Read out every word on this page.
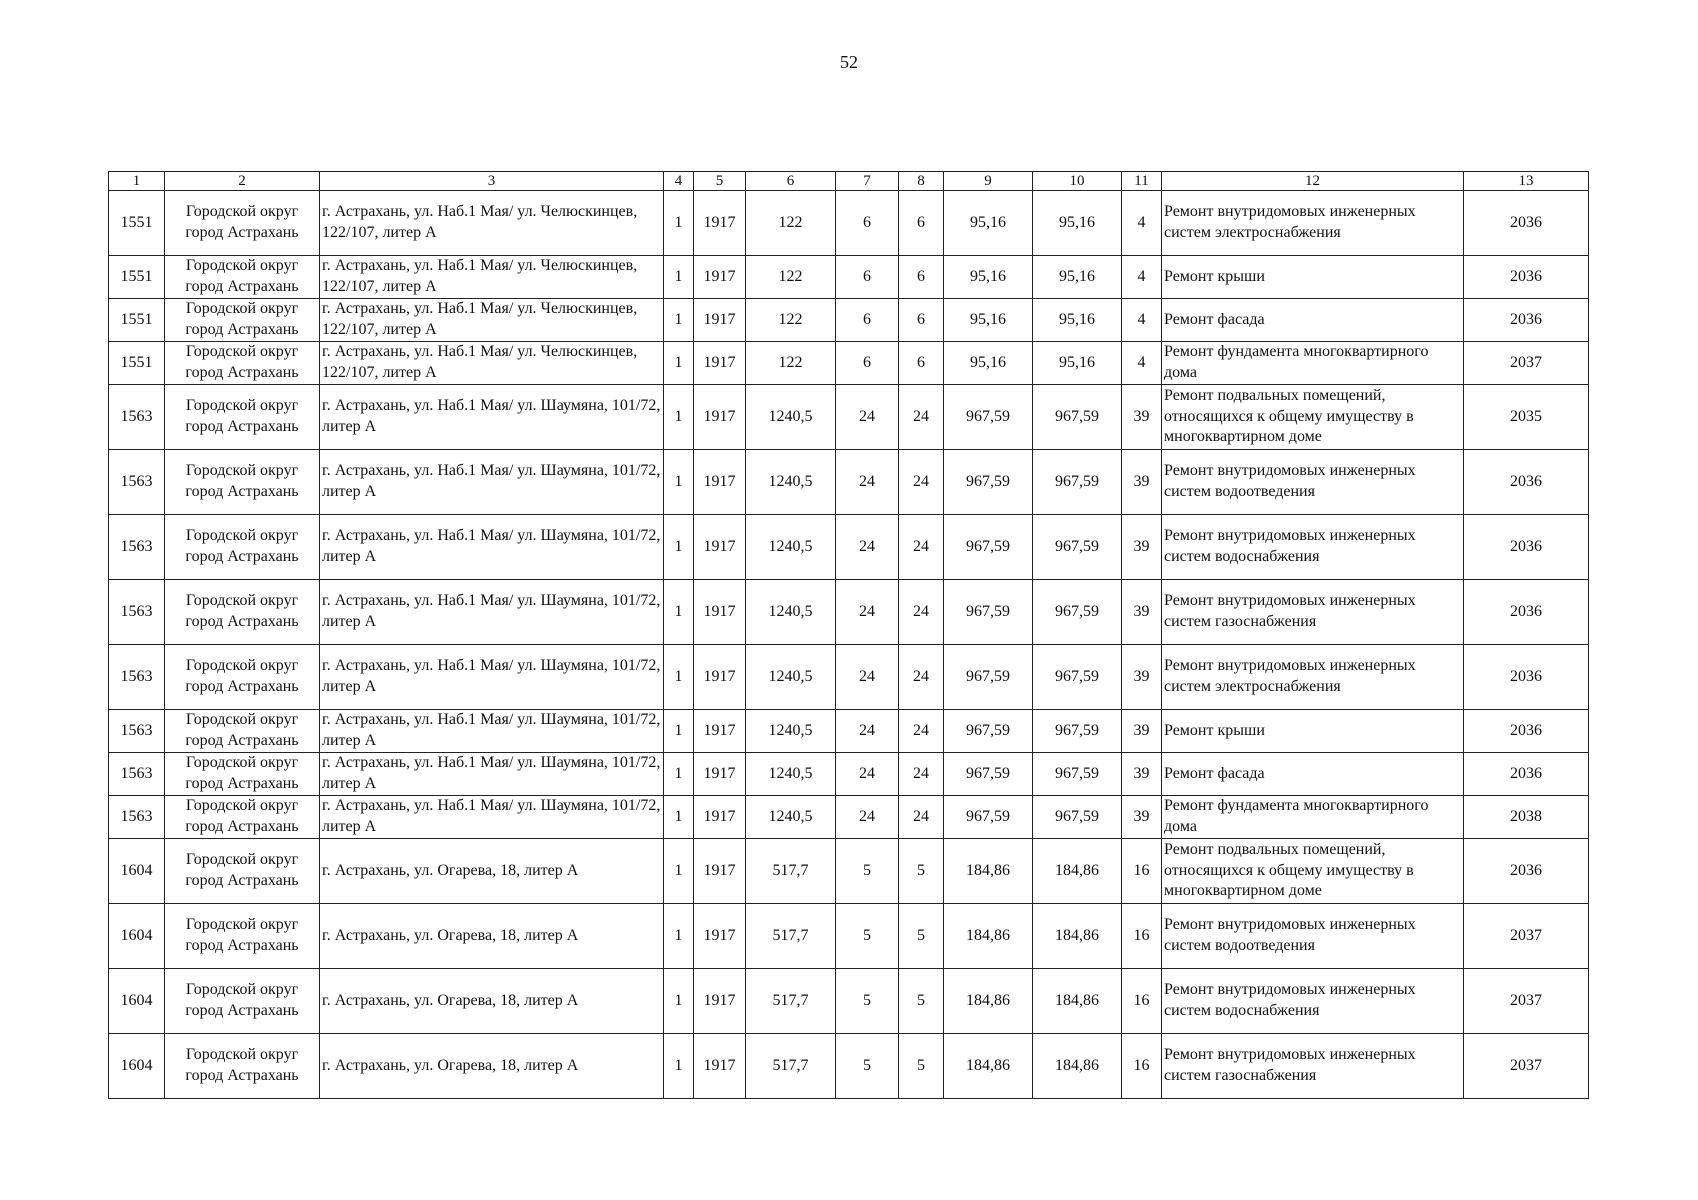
52
1	2	3	4	5	6	7	8	9	10	11	12	13
1551	Городской округ город Астрахань	г. Астрахань, ул. Наб.1 Мая/ ул. Челюскинцев, 122/107, литер А	1	1917	122	6	6	95,16	95,16	4	Ремонт внутридомовых инженерных систем электроснабжения	2036
1551	Городской округ город Астрахань	г. Астрахань, ул. Наб.1 Мая/ ул. Челюскинцев, 122/107, литер А	1	1917	122	6	6	95,16	95,16	4	Ремонт крыши	2036
1551	Городской округ город Астрахань	г. Астрахань, ул. Наб.1 Мая/ ул. Челюскинцев, 122/107, литер А	1	1917	122	6	6	95,16	95,16	4	Ремонт фасада	2036
1551	Городской округ город Астрахань	г. Астрахань, ул. Наб.1 Мая/ ул. Челюскинцев, 122/107, литер А	1	1917	122	6	6	95,16	95,16	4	Ремонт фундамента многоквартирного дома	2037
1563	Городской округ город Астрахань	г. Астрахань, ул. Наб.1 Мая/ ул. Шаумяна, 101/72, литер А	1	1917	1240,5	24	24	967,59	967,59	39	Ремонт подвальных помещений, относящихся к общему имуществу в многоквартирном доме	2035
1563	Городской округ город Астрахань	г. Астрахань, ул. Наб.1 Мая/ ул. Шаумяна, 101/72, литер А	1	1917	1240,5	24	24	967,59	967,59	39	Ремонт внутридомовых инженерных систем водоотведения	2036
1563	Городской округ город Астрахань	г. Астрахань, ул. Наб.1 Мая/ ул. Шаумяна, 101/72, литер А	1	1917	1240,5	24	24	967,59	967,59	39	Ремонт внутридомовых инженерных систем водоснабжения	2036
1563	Городской округ город Астрахань	г. Астрахань, ул. Наб.1 Мая/ ул. Шаумяна, 101/72, литер А	1	1917	1240,5	24	24	967,59	967,59	39	Ремонт внутридомовых инженерных систем газоснабжения	2036
1563	Городской округ город Астрахань	г. Астрахань, ул. Наб.1 Мая/ ул. Шаумяна, 101/72, литер А	1	1917	1240,5	24	24	967,59	967,59	39	Ремонт внутридомовых инженерных систем электроснабжения	2036
1563	Городской округ город Астрахань	г. Астрахань, ул. Наб.1 Мая/ ул. Шаумяна, 101/72, литер А	1	1917	1240,5	24	24	967,59	967,59	39	Ремонт крыши	2036
1563	Городской округ город Астрахань	г. Астрахань, ул. Наб.1 Мая/ ул. Шаумяна, 101/72, литер А	1	1917	1240,5	24	24	967,59	967,59	39	Ремонт фасада	2036
1563	Городской округ город Астрахань	г. Астрахань, ул. Наб.1 Мая/ ул. Шаумяна, 101/72, литер А	1	1917	1240,5	24	24	967,59	967,59	39	Ремонт фундамента многоквартирного дома	2038
1604	Городской округ город Астрахань	г. Астрахань, ул. Огарева, 18, литер А	1	1917	517,7	5	5	184,86	184,86	16	Ремонт подвальных помещений, относящихся к общему имуществу в многоквартирном доме	2036
1604	Городской округ город Астрахань	г. Астрахань, ул. Огарева, 18, литер А	1	1917	517,7	5	5	184,86	184,86	16	Ремонт внутридомовых инженерных систем водоотведения	2037
1604	Городской округ город Астрахань	г. Астрахань, ул. Огарева, 18, литер А	1	1917	517,7	5	5	184,86	184,86	16	Ремонт внутридомовых инженерных систем водоснабжения	2037
1604	Городской округ город Астрахань	г. Астрахань, ул. Огарева, 18, литер А	1	1917	517,7	5	5	184,86	184,86	16	Ремонт внутридомовых инженерных систем газоснабжения	2037
